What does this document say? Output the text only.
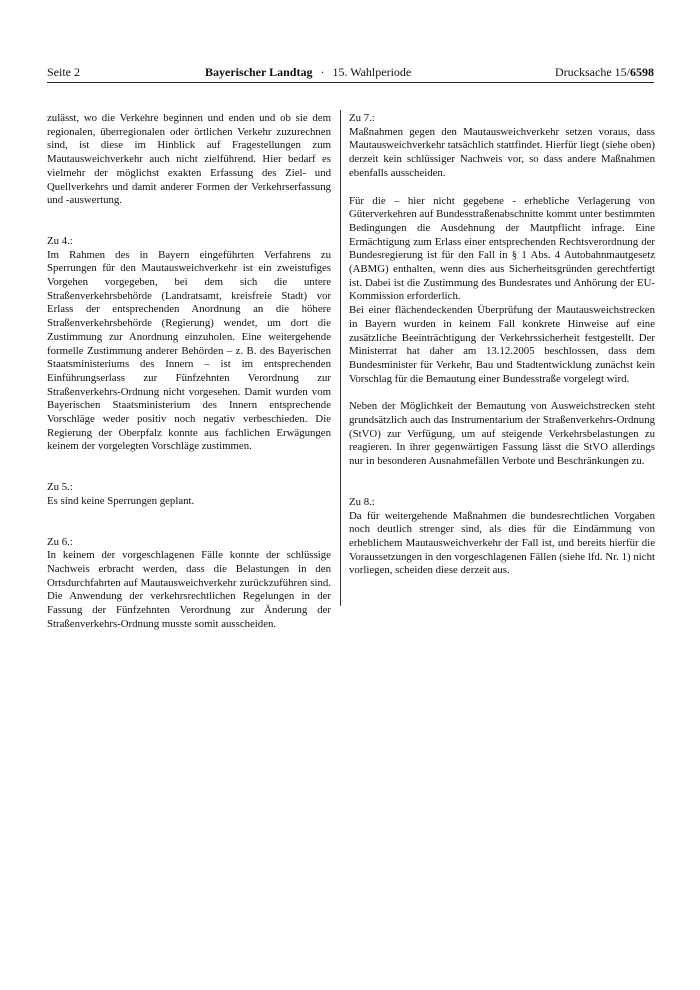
Seite 2	Bayerischer Landtag · 15. Wahlperiode	Drucksache 15/6598

zulässt, wo die Verkehre beginnen und enden und ob sie dem regionalen, überregionalen oder örtlichen Verkehr zuzurechnen sind, ist diese im Hinblick auf Fragestellungen zum Mautausweichverkehr auch nicht zielführend. Hier bedarf es vielmehr der möglichst exakten Erfassung des Ziel- und Quellverkehrs und damit anderer Formen der Verkehrserfassung und -auswertung.

Zu 4.:

Im Rahmen des in Bayern eingeführten Verfahrens zu Sperrungen für den Mautausweichverkehr ist ein zweistufiges Vorgehen vorgegeben, bei dem sich die untere Straßenverkehrsbehörde (Landratsamt, kreisfreie Stadt) vor Erlass der entsprechenden Anordnung an die höhere Straßenverkehrsbehörde (Regierung) wendet, um dort die Zustimmung zur Anordnung einzuholen. Eine weitergehende formelle Zustimmung anderer Behörden – z. B. des Bayerischen Staatsministeriums des Innern – ist im entsprechenden Einführungserlass zur Fünfzehnten Verordnung zur Straßenverkehrs-Ordnung nicht vorgesehen. Damit wurden vom Bayerischen Staatsministerium des Innern entsprechende Vorschläge weder positiv noch negativ verbeschieden. Die Regierung der Oberpfalz konnte aus fachlichen Erwägungen keinem der vorgelegten Vorschläge zustimmen.

Zu 5.:

Es sind keine Sperrungen geplant.

Zu 6.:

In keinem der vorgeschlagenen Fälle konnte der schlüssige Nachweis erbracht werden, dass die Belastungen in den Ortsdurchfahrten auf Mautausweichverkehr zurückzuführen sind. Die Anwendung der verkehrsrechtlichen Regelungen in der Fassung der Fünfzehnten Verordnung zur Änderung der Straßenverkehrs-Ordnung musste somit ausscheiden.

Zu 7.:

Maßnahmen gegen den Mautausweichverkehr setzen voraus, dass Mautausweichverkehr tatsächlich stattfindet. Hierfür liegt (siehe oben) derzeit kein schlüssiger Nachweis vor, so dass andere Maßnahmen ebenfalls ausscheiden.

Für die – hier nicht gegebene - erhebliche Verlagerung von Güterverkehren auf Bundesstraßenabschnitte kommt unter bestimmten Bedingungen die Ausdehnung der Mautpflicht infrage. Eine Ermächtigung zum Erlass einer entsprechenden Rechtsverordnung der Bundesregierung ist für den Fall in § 1 Abs. 4 Autobahnmautgesetz (ABMG) enthalten, wenn dies aus Sicherheitsgründen gerechtfertigt ist. Dabei ist die Zustimmung des Bundesrates und Anhörung der EU-Kommission erforderlich.

Bei einer flächendeckenden Überprüfung der Mautausweichstrecken in Bayern wurden in keinem Fall konkrete Hinweise auf eine zusätzliche Beeinträchtigung der Verkehrssicherheit festgestellt. Der Ministerrat hat daher am 13.12.2005 beschlossen, dass dem Bundesminister für Verkehr, Bau und Stadtentwicklung zunächst kein Vorschlag für die Bemautung einer Bundesstraße vorgelegt wird.

Neben der Möglichkeit der Bemautung von Ausweichstrecken steht grundsätzlich auch das Instrumentarium der Straßenverkehrs-Ordnung (StVO) zur Verfügung, um auf steigende Verkehrsbelastungen zu reagieren. In ihrer gegenwärtigen Fassung lässt die StVO allerdings nur in besonderen Ausnahmefällen Verbote und Beschränkungen zu.

Zu 8.:

Da für weitergehende Maßnahmen die bundesrechtlichen Vorgaben noch deutlich strenger sind, als dies für die Eindämmung von erheblichem Mautausweichverkehr der Fall ist, und bereits hierfür die Voraussetzungen in den vorgeschlagenen Fällen (siehe lfd. Nr. 1) nicht vorliegen, scheiden diese derzeit aus.
